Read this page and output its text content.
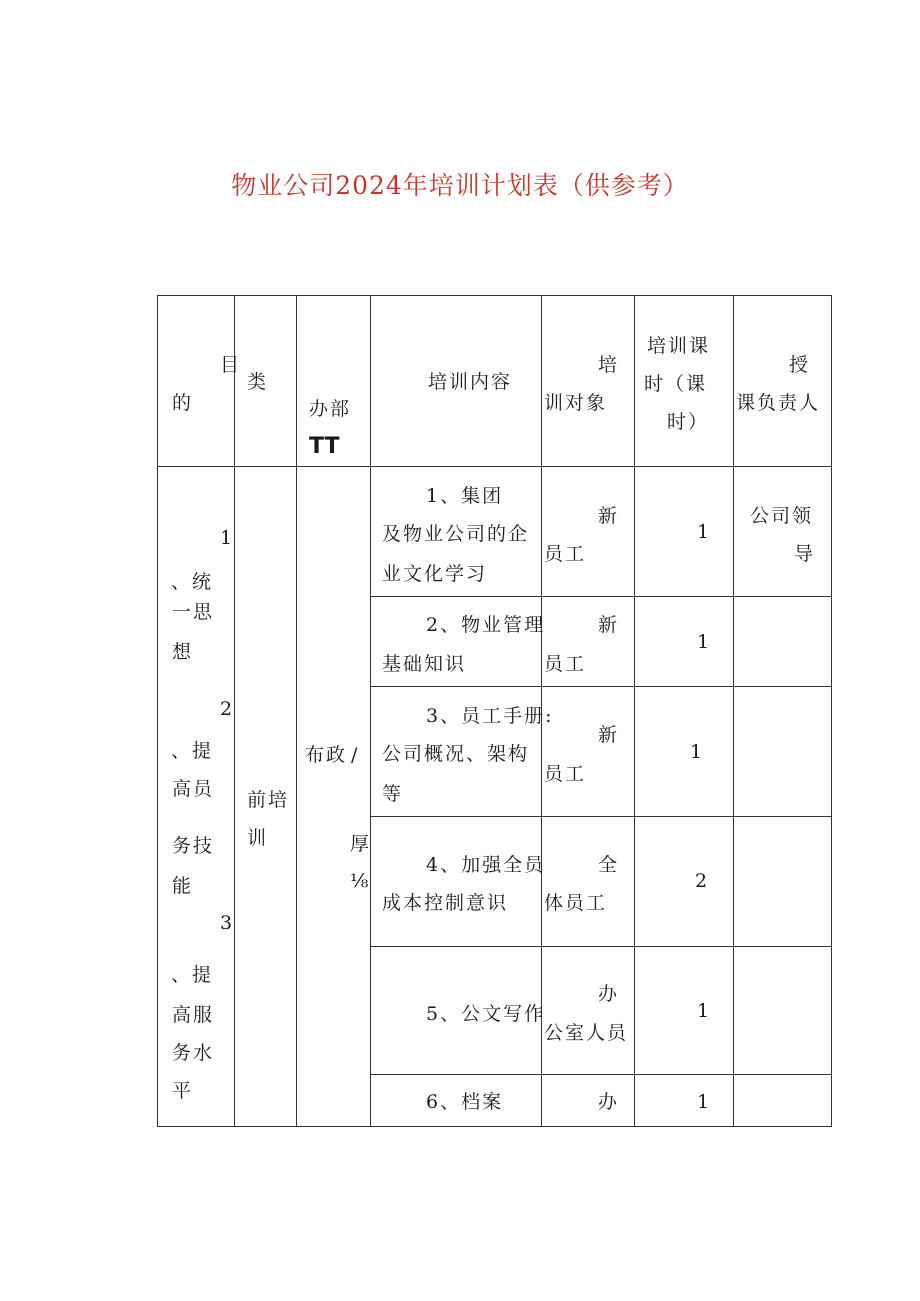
物业公司2024年培训计划表（供参考）
目
的
类
办部
TT
培训内容
培
训对象
培训课
时（课
时）
授
课负责人
1
、统
一思
想
2
、提
高员
务技
能
3
、提
高服
务水
平
前培
训
布政 /
厚
⅛
1、集团
及物业公司的企
业文化学习
新
员工
1
公司领
导
2、物业管理
基础知识
新
员工
1
3、员工手册:
公司概况、架构
等
新
员工
1
4、加强全员
成本控制意识
全
体员工
2
5、公文写作
办
公室人员
1
6、档案	办	1
